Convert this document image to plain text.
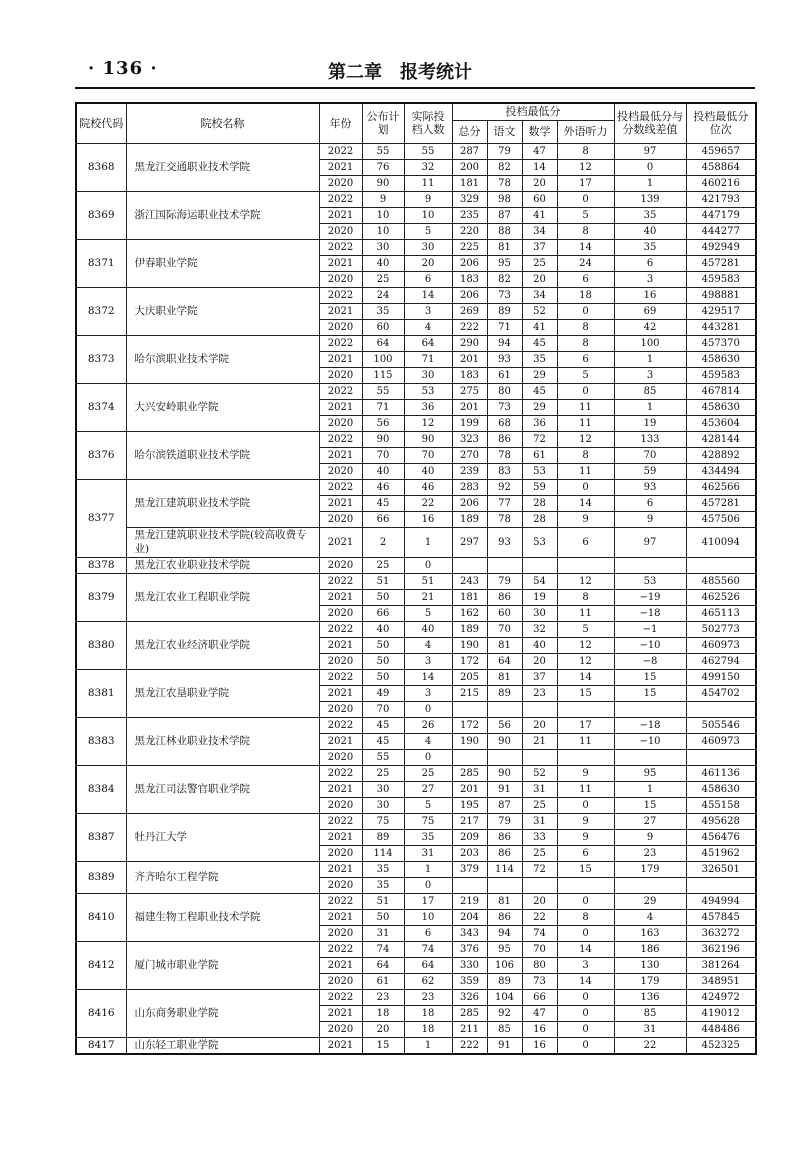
· 136 ·	第二章　报考统计
院校代码	院校名称	年份	公布计划	实际投档人数	投档最低分				投档最低分与分数线差值	投档最低分位次
					总分	语文	数学	外语听力		
8368	黑龙江交通职业技术学院	2022	55	55	287	79	47	8	97	459657
		2021	76	32	200	82	14	12	0	458864
		2020	90	11	181	78	20	17	1	460216
8369	浙江国际海运职业技术学院	2022	9	9	329	98	60	0	139	421793
		2021	10	10	235	87	41	5	35	447179
		2020	10	5	220	88	34	8	40	444277
8371	伊春职业学院	2022	30	30	225	81	37	14	35	492949
		2021	40	20	206	95	25	24	6	457281
		2020	25	6	183	82	20	6	3	459583
8372	大庆职业学院	2022	24	14	206	73	34	18	16	498881
		2021	35	3	269	89	52	0	69	429517
		2020	60	4	222	71	41	8	42	443281
8373	哈尔滨职业技术学院	2022	64	64	290	94	45	8	100	457370
		2021	100	71	201	93	35	6	1	458630
		2020	115	30	183	61	29	5	3	459583
8374	大兴安岭职业学院	2022	55	53	275	80	45	0	85	467814
		2021	71	36	201	73	29	11	1	458630
		2020	56	12	199	68	36	11	19	453604
8376	哈尔滨铁道职业技术学院	2022	90	90	323	86	72	12	133	428144
		2021	70	70	270	78	61	8	70	428892
		2020	40	40	239	83	53	11	59	434494
8377	黑龙江建筑职业技术学院	2022	46	46	283	92	59	0	93	462566
		2021	45	22	206	77	28	14	6	457281
		2020	66	16	189	78	28	9	9	457506
	黑龙江建筑职业技术学院(较高收费专业)	2021	2	1	297	93	53	6	97	410094
8378	黑龙江农业职业技术学院	2020	25	0						
8379	黑龙江农业工程职业学院	2022	51	51	243	79	54	12	53	485560
		2021	50	21	181	86	19	8	−19	462526
		2020	66	5	162	60	30	11	−18	465113
8380	黑龙江农业经济职业学院	2022	40	40	189	70	32	5	−1	502773
		2021	50	4	190	81	40	12	−10	460973
		2020	50	3	172	64	20	12	−8	462794
8381	黑龙江农垦职业学院	2022	50	14	205	81	37	14	15	499150
		2021	49	3	215	89	23	15	15	454702
		2020	70	0						
8383	黑龙江林业职业技术学院	2022	45	26	172	56	20	17	−18	505546
		2021	45	4	190	90	21	11	−10	460973
		2020	55	0						
8384	黑龙江司法警官职业学院	2022	25	25	285	90	52	9	95	461136
		2021	30	27	201	91	31	11	1	458630
		2020	30	5	195	87	25	0	15	455158
8387	牡丹江大学	2022	75	75	217	79	31	9	27	495628
		2021	89	35	209	86	33	9	9	456476
		2020	114	31	203	86	25	6	23	451962
8389	齐齐哈尔工程学院	2021	35	1	379	114	72	15	179	326501
		2020	35	0						
8410	福建生物工程职业技术学院	2022	51	17	219	81	20	0	29	494994
		2021	50	10	204	86	22	8	4	457845
		2020	31	6	343	94	74	0	163	363272
8412	厦门城市职业学院	2022	74	74	376	95	70	14	186	362196
		2021	64	64	330	106	80	3	130	381264
		2020	61	62	359	89	73	14	179	348951
8416	山东商务职业学院	2022	23	23	326	104	66	0	136	424972
		2021	18	18	285	92	47	0	85	419012
		2020	20	18	211	85	16	0	31	448486
8417	山东轻工职业学院	2021	15	1	222	91	16	0	22	452325
